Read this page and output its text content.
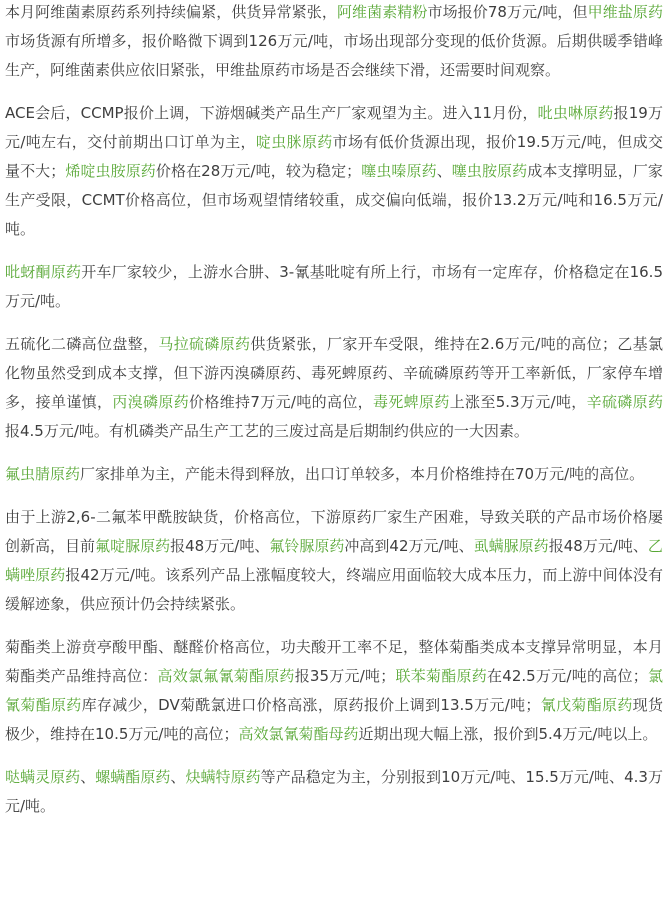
本月阿维菌素原药系列持续偏紧，供货异常紧张，阿维菌素精粉市场报价78万元/吨，但甲维盐原药市场货源有所增多，报价略微下调到126万元/吨，市场出现部分变现的低价货源。后期供暖季错峰生产，阿维菌素供应依旧紧张，甲维盐原药市场是否会继续下滑，还需要时间观察。

ACE会后，CCMP报价上调，下游烟碱类产品生产厂家观望为主。进入11月份，吡虫啉原药报19万元/吨左右，交付前期出口订单为主，啶虫脒原药市场有低价货源出现，报价19.5万元/吨，但成交量不大；烯啶虫胺原药价格在28万元/吨，较为稳定；噻虫嗪原药、噻虫胺原药成本支撑明显，厂家生产受限，CCMT价格高位，但市场观望情绪较重，成交偏向低端，报价13.2万元/吨和16.5万元/吨。

吡蚜酮原药开车厂家较少，上游水合肼、3-氰基吡啶有所上行，市场有一定库存，价格稳定在16.5万元/吨。

五硫化二磷高位盘整，马拉硫磷原药供货紧张，厂家开车受限，维持在2.6万元/吨的高位；乙基氯化物虽然受到成本支撑，但下游丙溴磷原药、毒死蜱原药、辛硫磷原药等开工率新低，厂家停车增多，接单谨慎，丙溴磷原药价格维持7万元/吨的高位，毒死蜱原药上涨至5.3万元/吨，辛硫磷原药报4.5万元/吨。有机磷类产品生产工艺的三废过高是后期制约供应的一大因素。

氟虫腈原药厂家排单为主，产能未得到释放，出口订单较多，本月价格维持在70万元/吨的高位。

由于上游2,6-二氟苯甲酰胺缺货，价格高位，下游原药厂家生产困难，导致关联的产品市场价格屡创新高，目前氟啶脲原药报48万元/吨、氟铃脲原药冲高到42万元/吨、虱螨脲原药报48万元/吨、乙螨唑原药报42万元/吨。该系列产品上涨幅度较大，终端应用面临较大成本压力，而上游中间体没有缓解迹象，供应预计仍会持续紧张。

菊酯类上游贲亭酸甲酯、醚醛价格高位，功夫酸开工率不足，整体菊酯类成本支撑异常明显，本月菊酯类产品维持高位：高效氯氟氰菊酯原药报35万元/吨；联苯菊酯原药在42.5万元/吨的高位；氯氰菊酯原药库存减少，DV菊酰氯进口价格高涨，原药报价上调到13.5万元/吨；氰戊菊酯原药现货极少，维持在10.5万元/吨的高位；高效氯氰菊酯母药近期出现大幅上涨，报价到5.4万元/吨以上。

哒螨灵原药、螺螨酯原药、炔螨特原药等产品稳定为主，分别报到10万元/吨、15.5万元/吨、4.3万元/吨。
